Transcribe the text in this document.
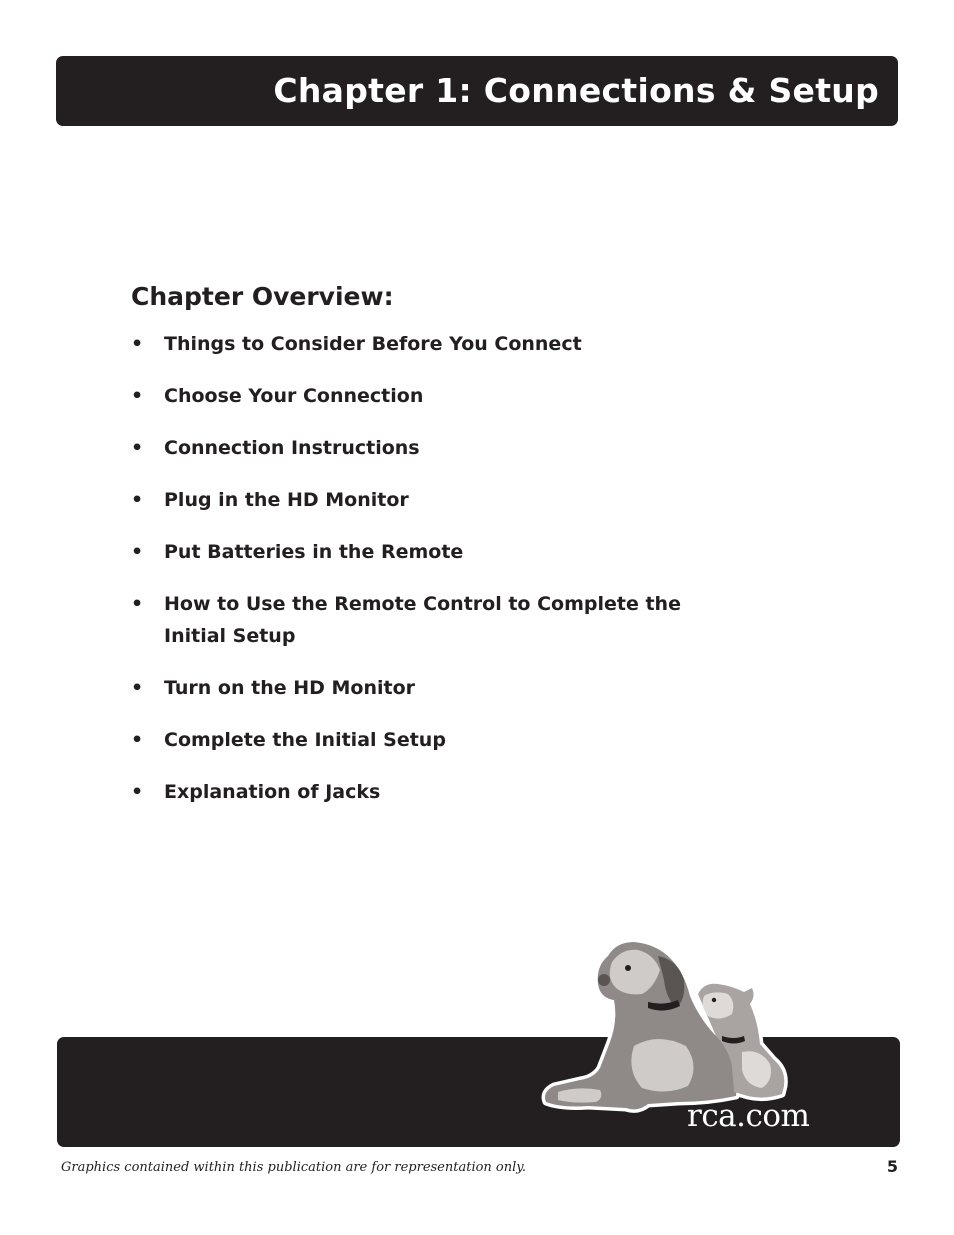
Chapter 1: Connections & Setup
Chapter Overview:
• Things to Consider Before You Connect
• Choose Your Connection
• Connection Instructions
• Plug in the HD Monitor
• Put Batteries in the Remote
• How to Use the Remote Control to Complete the Initial Setup
• Turn on the HD Monitor
• Complete the Initial Setup
• Explanation of Jacks

rca.com

Graphics contained within this publication are for representation only.	5
